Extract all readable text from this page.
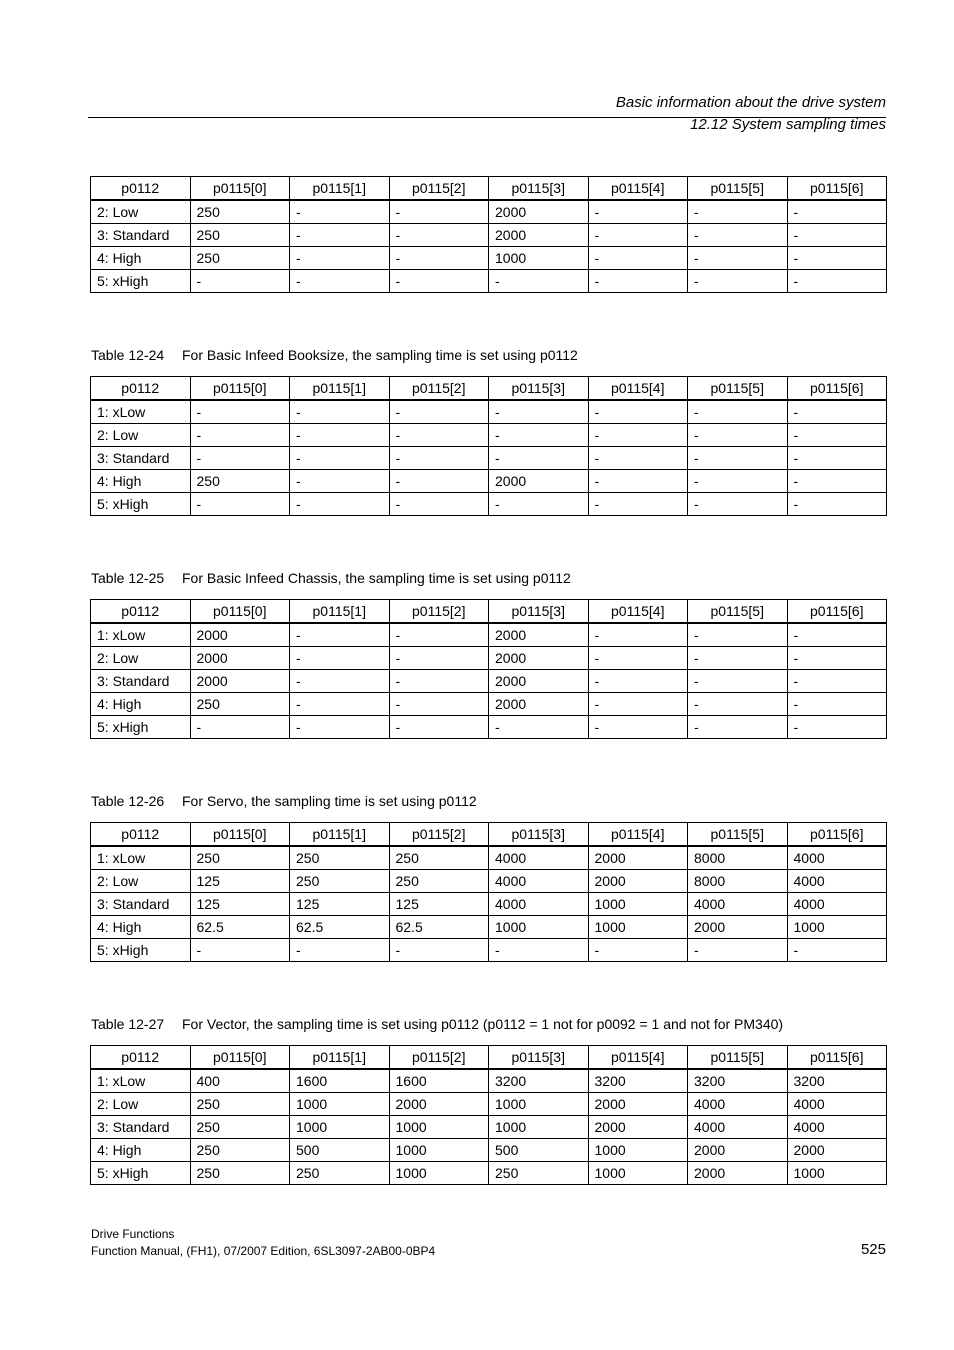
Basic information about the drive system
12.12 System sampling times
p0112	p0115[0]	p0115[1]	p0115[2]	p0115[3]	p0115[4]	p0115[5]	p0115[6]
2: Low	250	-	-	2000	-	-	-
3: Standard	250	-	-	2000	-	-	-
4: High	250	-	-	1000	-	-	-
5: xHigh	-	-	-	-	-	-	-
Table 12-24 For Basic Infeed Booksize, the sampling time is set using p0112
p0112	p0115[0]	p0115[1]	p0115[2]	p0115[3]	p0115[4]	p0115[5]	p0115[6]
1: xLow	-	-	-	-	-	-	-
2: Low	-	-	-	-	-	-	-
3: Standard	-	-	-	-	-	-	-
4: High	250	-	-	2000	-	-	-
5: xHigh	-	-	-	-	-	-	-
Table 12-25 For Basic Infeed Chassis, the sampling time is set using p0112
p0112	p0115[0]	p0115[1]	p0115[2]	p0115[3]	p0115[4]	p0115[5]	p0115[6]
1: xLow	2000	-	-	2000	-	-	-
2: Low	2000	-	-	2000	-	-	-
3: Standard	2000	-	-	2000	-	-	-
4: High	250	-	-	2000	-	-	-
5: xHigh	-	-	-	-	-	-	-
Table 12-26 For Servo, the sampling time is set using p0112
p0112	p0115[0]	p0115[1]	p0115[2]	p0115[3]	p0115[4]	p0115[5]	p0115[6]
1: xLow	250	250	250	4000	2000	8000	4000
2: Low	125	250	250	4000	2000	8000	4000
3: Standard	125	125	125	4000	1000	4000	4000
4: High	62.5	62.5	62.5	1000	1000	2000	1000
5: xHigh	-	-	-	-	-	-	-
Table 12-27 For Vector, the sampling time is set using p0112 (p0112 = 1 not for p0092 = 1 and not for PM340)
p0112	p0115[0]	p0115[1]	p0115[2]	p0115[3]	p0115[4]	p0115[5]	p0115[6]
1: xLow	400	1600	1600	3200	3200	3200	3200
2: Low	250	1000	2000	1000	2000	4000	4000
3: Standard	250	1000	1000	1000	2000	4000	4000
4: High	250	500	1000	500	1000	2000	2000
5: xHigh	250	250	1000	250	1000	2000	1000
Drive Functions
Function Manual, (FH1), 07/2007 Edition, 6SL3097-2AB00-0BP4	525
